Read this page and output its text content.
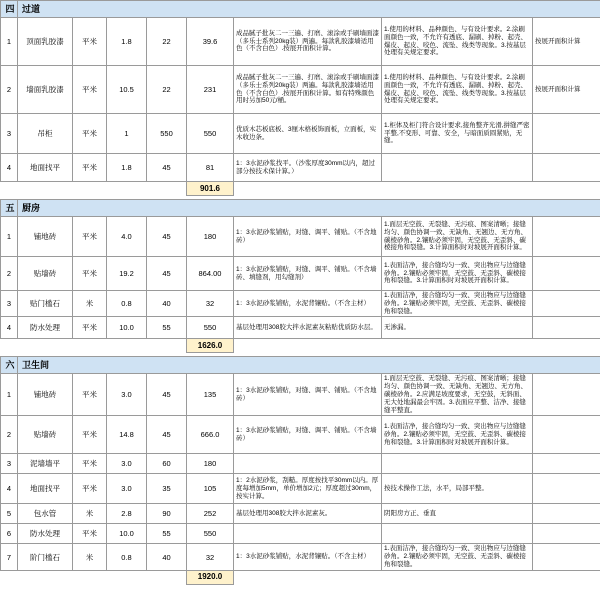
四	过道							
1	顶面乳胶漆	平米	1.8	22	39.6	成品腻子批灰二一三遍、打磨、滚涂或手刷墙面漆（多乐士系列20kg装）两遍。每款乳胶漆墙适用色（不含白色）.按展开面积计算。	1.使用的材料、品种颜色、与有设计要求。2.涂刷面颜色一致，不允许有透底、漏刷、掉粉、起壳、爆皮、起皮、咬色、流坠、线类等现象。3.按基层处理有关规定要求。	按展开面积计算
2	墙面乳胶漆	平米	10.5	22	231	成品腻子批灰二一三遍、打磨、滚涂或手刷墙面漆（多乐士系列20kg装）两遍。每款乳胶漆墙适用色（不含白色）.按展开面积计算。如有特殊颜色用时另加50元/桶。	1.使用的材料、品种颜色、与有设计要求。2.涂刷面颜色一致，不允许有透底、漏刷、掉粉、起壳、爆皮、起皮、咬色、流坠、线类等现象。3.按基层处理有关规定要求。	按展开面积计算
3	吊柜	平米	1	550	550	优质木芯板底板、3厘木格板饰面板，立面板，实木收边条。	1.柜体及柜门符合设计要求,接角整齐光滑,拼缝严密平整,不变形、可靠、安全，与暗面质圆紧贴，无缝。	
4	地面找平	平米	1.8	45	81	1：3水泥砂浆找平。（沙浆厚度30mm以内，超过部分按技术保计算。）		
					901.6			

五	厨房							
1	铺地砖	平米	4.0	45	180	1：3水泥砂浆铺贴，对缝、调平、铺贴。（不含地砖）	1.面层无空鼓、无裂缝、无污痕、图案清晰；接缝均匀、颜色协调一致、无缺角、无翘边、无方角、碳棱砂角。2.镶贴必须牢固，无空鼓、无歪斜、碳棱接角和裂缝。3.计算面积时对坡展开面积计算。	
2	贴墙砖	平米	19.2	45	864.00	1：3水泥砂浆铺贴，对缝、调平、铺贴。（不含墙砖、填缝剂，用勾缝剂）	1.表面洁净，接合缝均匀一致、突出物应与边缝缝砂角。2.镶贴必须牢固，无空鼓、无歪斜、碳棱接角和裂缝。3.计算面积时对坡展开面积计算。	
3	贴门槛石	米	0.8	40	32	1：3水泥砂浆铺贴，水泥背镶贴。（不含主材）	1.表面洁净，接合缝均匀一致、突出物应与边缝缝砂角。2.镶贴必须牢固，无空鼓、无歪斜、碳棱接角和裂缝。	
4	防水处理	平米	10.0	55	550	基层处理用308胶大拌水泥素灰粘贴优质防水层。	无渗漏。	
					1626.0			

六	卫生间							
1	铺地砖	平米	3.0	45	135	1：3水泥砂浆铺贴，对缝、调平、铺贴。（不含地砖）	1.面层无空鼓、无裂缝、无污痕、图案清晰；接缝均匀、颜色协调一致、无缺角、无翘边、无方角、碳棱砂角。2.应满足坡度要求，无空鼓，无斜面、无大处地漏最会牢固。3.表面应平整、洁净、接缝缝平整直。	
2	贴墙砖	平米	14.8	45	666.0	1：3水泥砂浆铺贴，对缝、调平、铺贴。（不含墙砖）	1.表面洁净，接合缝均匀一致、突出物应与边缝缝砂角。2.镶贴必须牢固，无空鼓、无歪斜、碳棱接角和裂缝。3.计算面积时对坡展开面积计算。	
3	泥墙墙平	平米	3.0	60	180			
4	地面找平	平米	3.0	35	105	1：2水泥砂浆，刮糙。厚度按找平30mm以内。厚度每增加5mm，单价增加2元；厚度超过30mm，按实计算。	按技术操作工法，水平，局部平整。	
5	包水管	米	2.8	90	252	基层处理用308胶大拌水泥素灰。	阴阳房方正、垂直	
6	防水处理	平米	10.0	55	550			
7	阶门槛石	米	0.8	40	32	1：3水泥砂浆铺贴，水泥背镶贴。（不含主材）	1.表面洁净，接合缝均匀一致、突出物应与边缝缝砂角。2.镶贴必须牢固，无空鼓、无歪斜、碳棱接角和裂缝。	
					1920.0			
